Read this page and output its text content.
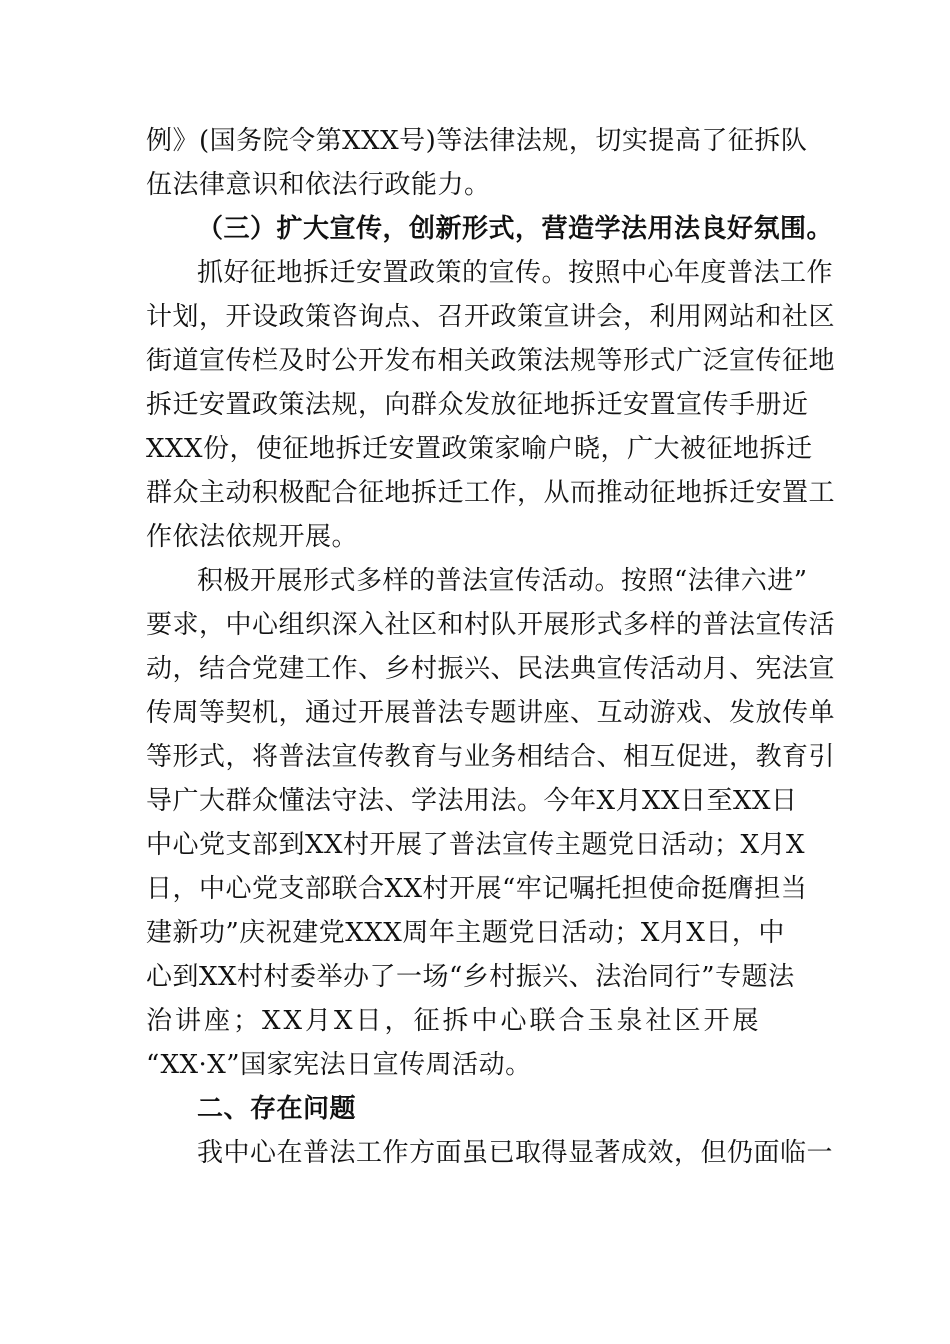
例》(国务院令第XXX号)等法律法规，切实提高了征拆队
伍法律意识和依法行政能力。
（三）扩大宣传，创新形式，营造学法用法良好氛围。
抓好征地拆迁安置政策的宣传。按照中心年度普法工作
计划，开设政策咨询点、召开政策宣讲会，利用网站和社区
街道宣传栏及时公开发布相关政策法规等形式广泛宣传征地
拆迁安置政策法规，向群众发放征地拆迁安置宣传手册近
XXX份，使征地拆迁安置政策家喻户晓，广大被征地拆迁
群众主动积极配合征地拆迁工作，从而推动征地拆迁安置工
作依法依规开展。
积极开展形式多样的普法宣传活动。按照“法律六进”
要求，中心组织深入社区和村队开展形式多样的普法宣传活
动，结合党建工作、乡村振兴、民法典宣传活动月、宪法宣
传周等契机，通过开展普法专题讲座、互动游戏、发放传单
等形式，将普法宣传教育与业务相结合、相互促进，教育引
导广大群众懂法守法、学法用法。今年X月XX日至XX日
中心党支部到XX村开展了普法宣传主题党日活动；X月X
日，中心党支部联合XX村开展“牢记嘱托担使命挺膺担当
建新功”庆祝建党XXX周年主题党日活动；X月X日，中
心到XX村村委举办了一场“乡村振兴、法治同行”专题法
治讲座；XX月X日，征拆中心联合玉泉社区开展
“XX·X”国家宪法日宣传周活动。
二、存在问题
我中心在普法工作方面虽已取得显著成效，但仍面临一
